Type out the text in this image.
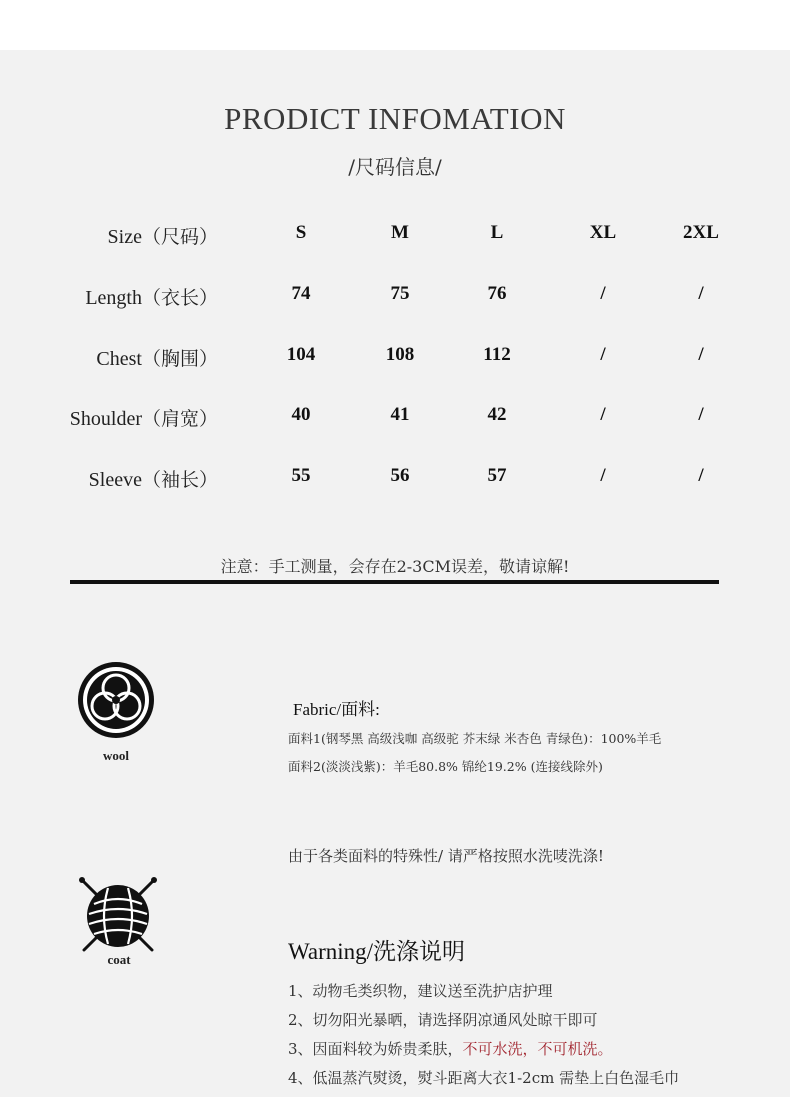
PRODICT INFOMATION
/尺码信息/
Size（尺码）	S	M	L	XL	2XL
Length（衣长）	74	75	76	/	/
Chest（胸围）	104	108	112	/	/
Shoulder（肩宽）	40	41	42	/	/
Sleeve（袖长）	55	56	57	/	/
注意：手工测量，会存在2-3CM误差，敬请谅解!
wool
Fabric/面料:
面料1(钢琴黑 高级浅咖 高级驼 芥末绿 米杏色 青绿色)：100%羊毛
面料2(淡淡浅紫)：羊毛80.8% 锦纶19.2% (连接线除外)
coat
由于各类面料的特殊性/ 请严格按照水洗唛洗涤!
Warning/洗涤说明
1、动物毛类织物，建议送至洗护店护理
2、切勿阳光暴晒，请选择阴凉通风处晾干即可
3、因面料较为娇贵柔肤，不可水洗，不可机洗。
4、低温蒸汽熨烫，熨斗距离大衣1-2cm 需垫上白色湿毛巾
